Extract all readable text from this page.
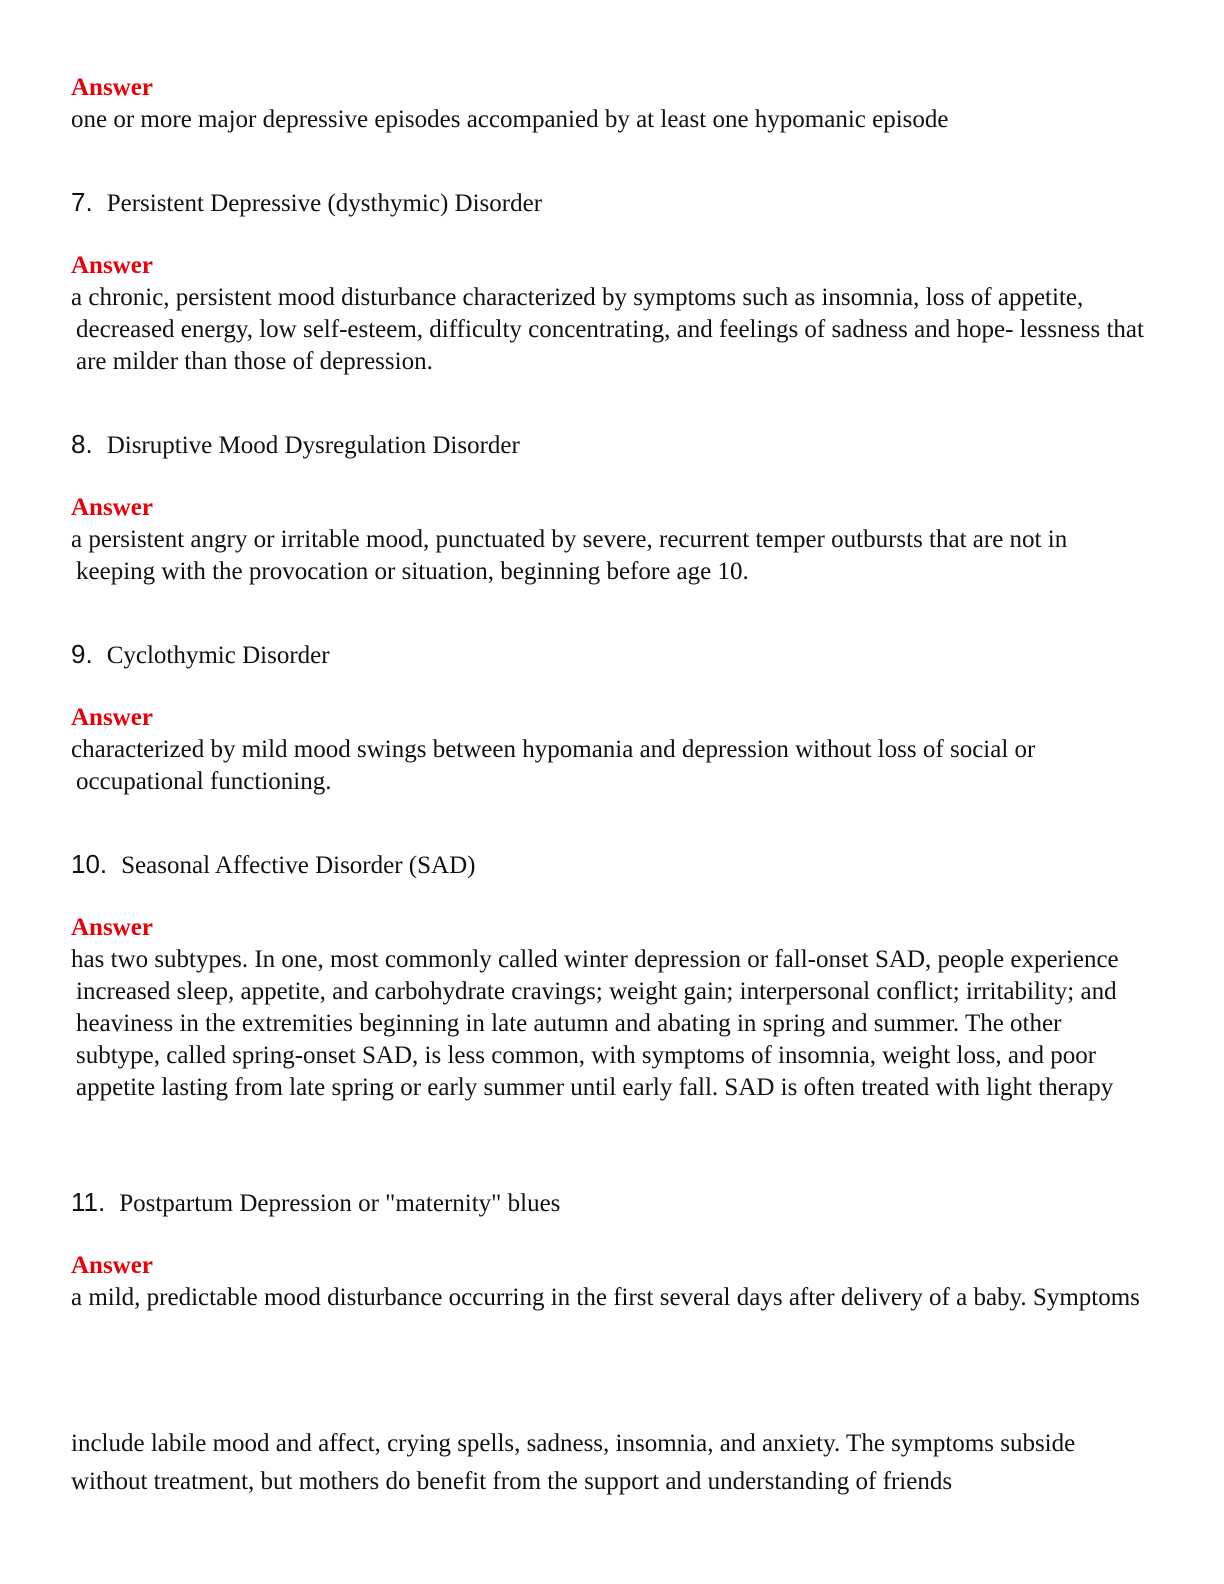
Answer

one or more major depressive episodes accompanied by at least one hypomanic episode

7. Persistent Depressive (dysthymic) Disorder

Answer

a chronic, persistent mood disturbance characterized by symptoms such as insomnia, loss of appetite, decreased energy, low self-esteem, difficulty concentrating, and feelings of sadness and hope- lessness that are milder than those of depression.

8. Disruptive Mood Dysregulation Disorder

Answer

a persistent angry or irritable mood, punctuated by severe, recurrent temper outbursts that are not in keeping with the provocation or situation, beginning before age 10.

9. Cyclothymic Disorder

Answer

characterized by mild mood swings between hypomania and depression without loss of social or occupational functioning.

10. Seasonal Affective Disorder (SAD)

Answer

has two subtypes. In one, most commonly called winter depression or fall-onset SAD, people experience increased sleep, appetite, and carbohydrate cravings; weight gain; interpersonal conflict; irritability; and heaviness in the extremities beginning in late autumn and abating in spring and summer. The other subtype, called spring-onset SAD, is less common, with symptoms of insomnia, weight loss, and poor appetite lasting from late spring or early summer until early fall. SAD is often treated with light therapy

11. Postpartum Depression or "maternity" blues

Answer

a mild, predictable mood disturbance occurring in the first several days after delivery of a baby. Symptoms

include labile mood and affect, crying spells, sadness, insomnia, and anxiety. The symptoms subside without treatment, but mothers do benefit from the support and understanding of friends
